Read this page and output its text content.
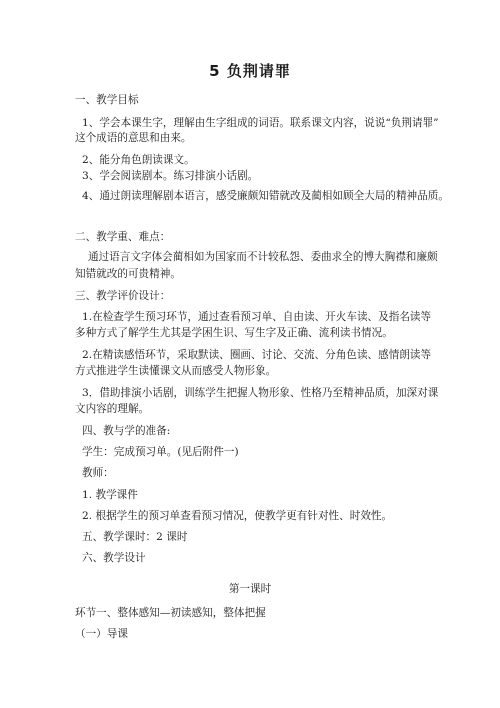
5 负荆请罪
一、教学目标
1、学会本课生字，理解由生字组成的词语。联系课文内容，说说“负荆请罪”
这个成语的意思和由来。
2、能分角色朗读课文。
3、学会阅读剧本。练习排演小话剧。
4、通过朗读理解剧本语言，感受廉颇知错就改及蔺相如顾全大局的精神品质。
二、教学重、难点：
通过语言文字体会蔺相如为国家而不计较私怨、委曲求全的博大胸襟和廉颇
知错就改的可贵精神。
三、教学评价设计：
1.在检查学生预习环节，通过查看预习单、自由读、开火车读、及指名读等
多种方式了解学生尤其是学困生识、写生字及正确、流利读书情况。
2.在精读感悟环节，采取默读、圈画、讨论、交流、分角色读、感情朗读等
方式推进学生读懂课文从而感受人物形象。
3．借助排演小话剧，训练学生把握人物形象、性格乃至精神品质，加深对课
文内容的理解。
四、教与学的准备:
学生：完成预习单。(见后附件一)
教师：
1. 教学课件
2. 根据学生的预习单查看预习情况，使教学更有针对性、时效性。
五、教学课时：2 课时
六、教学设计
第一课时
环节一、整体感知—初读感知，整体把握
（一）导课
